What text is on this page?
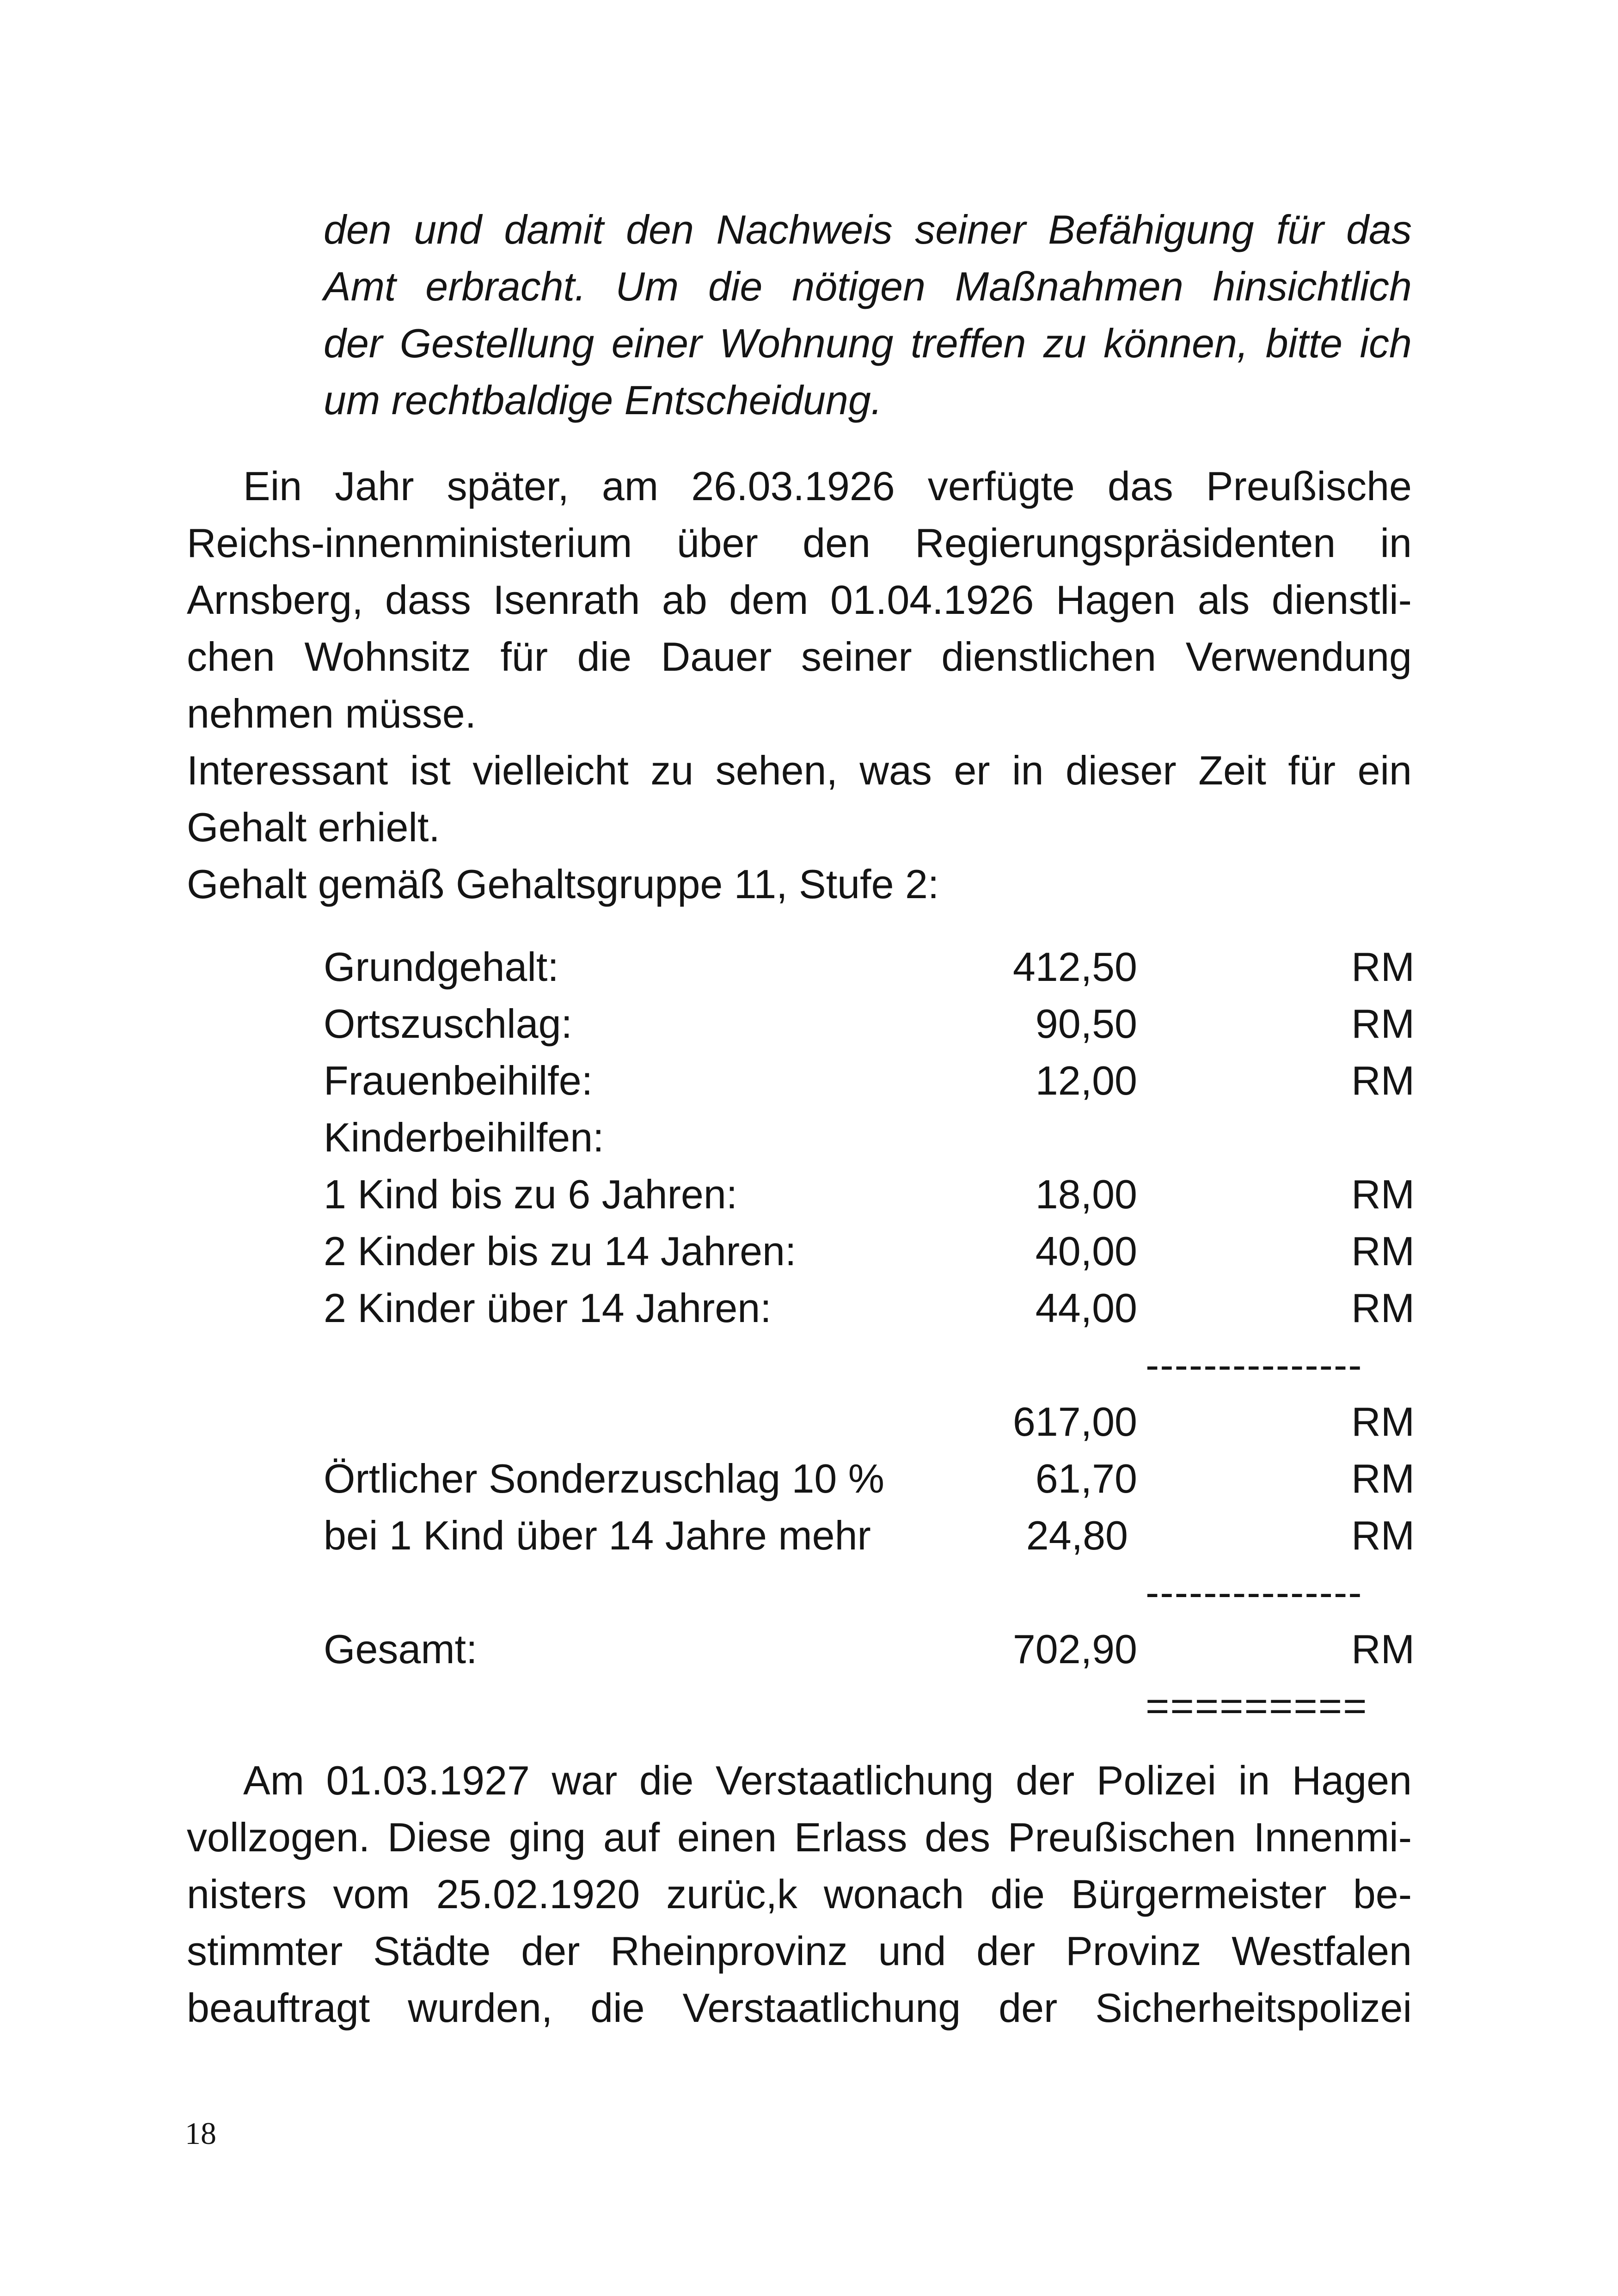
den und damit den Nachweis seiner Befähigung für das
Amt erbracht. Um die nötigen Maßnahmen hinsichtlich
der Gestellung einer Wohnung treffen zu können, bitte ich
um rechtbaldige Entscheidung.
Ein Jahr später, am 26.03.1926 verfügte das Preußische
Reichs-innenministerium über den Regierungspräsidenten in
Arnsberg, dass Isenrath ab dem 01.04.1926 Hagen als dienstli-
chen Wohnsitz für die Dauer seiner dienstlichen Verwendung
nehmen müsse.
Interessant ist vielleicht zu sehen, was er in dieser Zeit für ein
Gehalt erhielt.
Gehalt gemäß Gehaltsgruppe 11, Stufe 2:
Grundgehalt:	412,50	RM
Ortszuschlag:	90,50	RM
Frauenbeihilfe:	12,00	RM
Kinderbeihilfen:
1 Kind bis zu 6 Jahren:	18,00	RM
2 Kinder bis zu 14 Jahren:	40,00	RM
2 Kinder über 14 Jahren:	44,00	RM
---------------
617,00	RM
Örtlicher Sonderzuschlag 10 %	61,70	RM
bei 1 Kind über 14 Jahre mehr	24,80	RM
---------------
Gesamt:	702,90	RM
=========
Am 01.03.1927 war die Verstaatlichung der Polizei in Hagen
vollzogen. Diese ging auf einen Erlass des Preußischen Innenmi-
nisters vom 25.02.1920 zurüc,k wonach die Bürgermeister be-
stimmter Städte der Rheinprovinz und der Provinz Westfalen
beauftragt wurden, die Verstaatlichung der Sicherheitspolizei
18
